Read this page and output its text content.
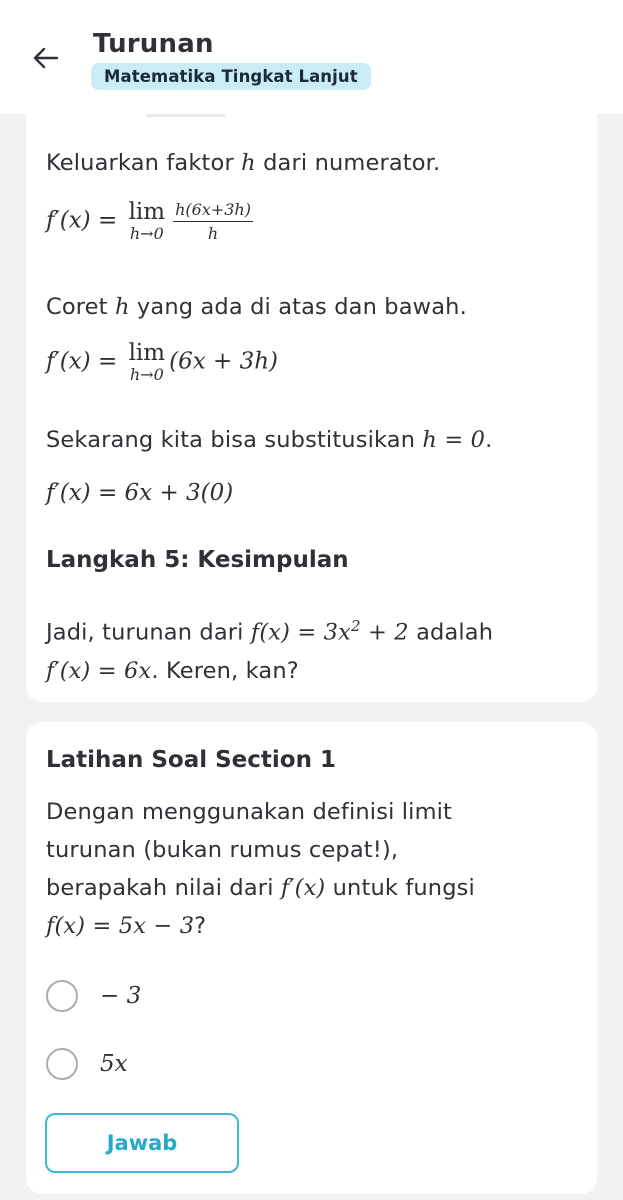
Turunan
Matematika Tingkat Lanjut
Keluarkan faktor h dari numerator.
f′(x) = lim
$h\to 0 \frac{h(6x+3h)}{h}$
Coret h yang ada di atas dan bawah.
f′(x) = lim
h→0 (6x + 3h)
Sekarang kita bisa substitusikan h = 0.
f′(x) = 6x + 3(0)
Langkah 5: Kesimpulan
Jadi, turunan dari $f(x) = 3x^2 + 2$ adalah
f′(x) = 6x. Keren, kan?
Latihan Soal Section 1
Dengan menggunakan definisi limit
turunan (bukan rumus cepat!),
berapakah nilai dari f′(x) untuk fungsi
f(x) = 5x − 3?
− 3
5x
Jawab
